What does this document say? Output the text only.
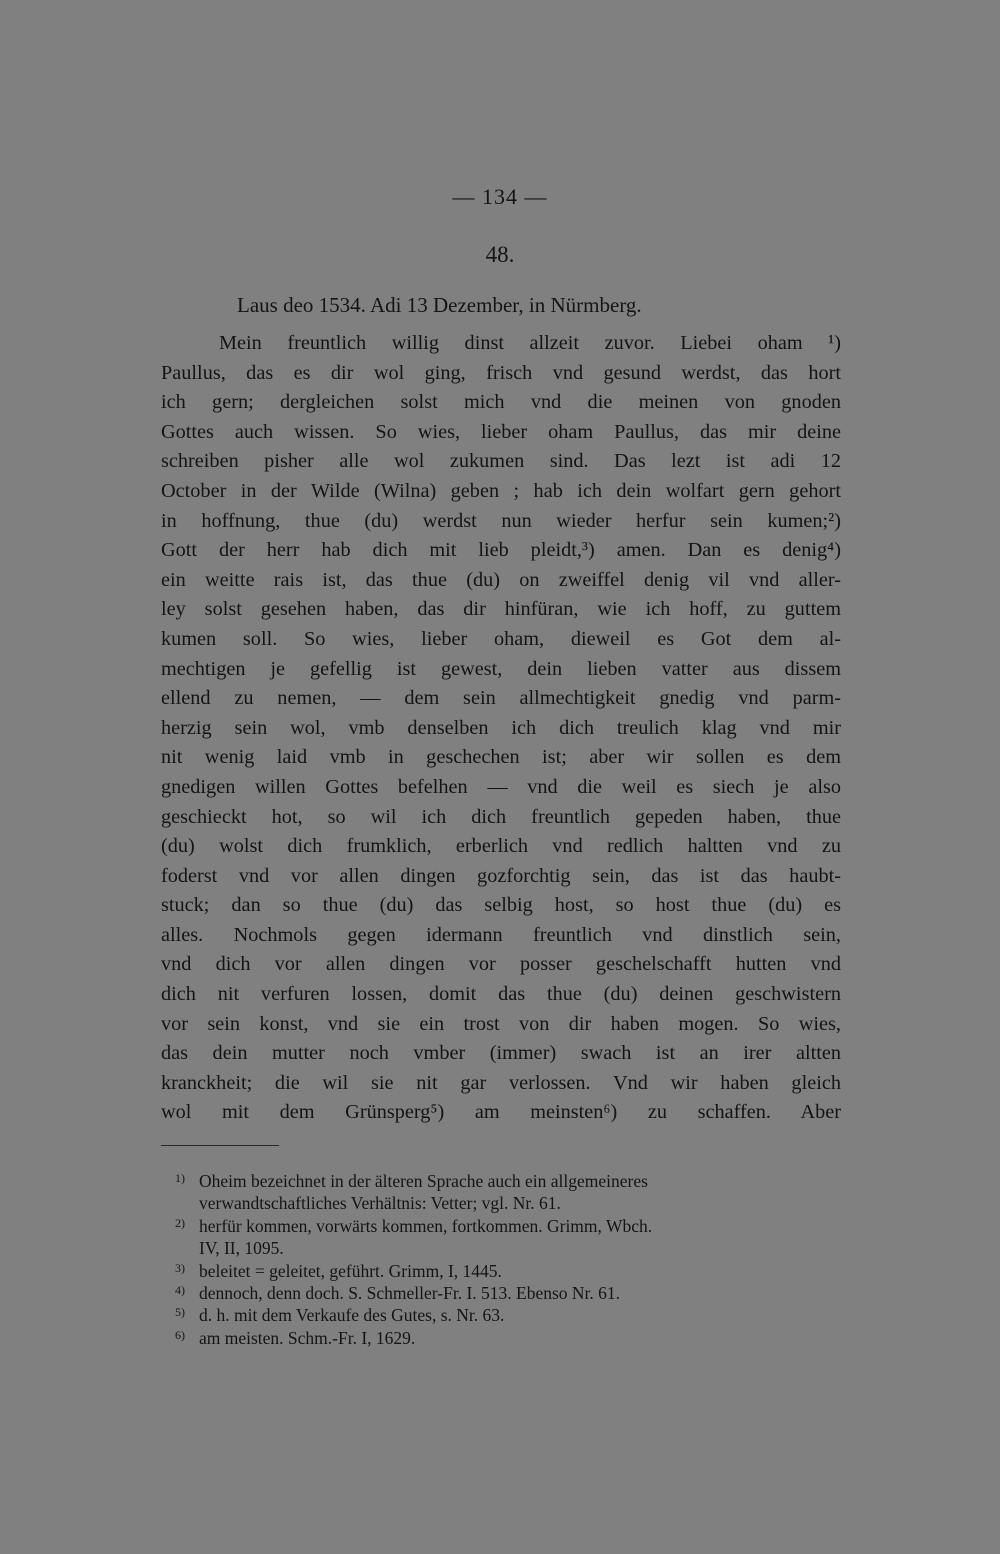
— 134 —
48.
Laus deo 1534. Adi 13 Dezember, in Nürmberg.
Mein freuntlich willig dinst allzeit zuvor. Liebei oham ¹)
Paullus, das es dir wol ging, frisch vnd gesund werdst, das hort
ich gern; dergleichen solst mich vnd die meinen von gnoden
Gottes auch wissen. So wies, lieber oham Paullus, das mir deine
schreiben pisher alle wol zukumen sind. Das lezt ist adi 12
October in der Wilde (Wilna) geben ; hab ich dein wolfart gern gehort
in hoffnung, thue (du) werdst nun wieder herfur sein kumen;²)
Gott der herr hab dich mit lieb pleidt,³) amen. Dan es denig⁴)
ein weitte rais ist, das thue (du) on zweiffel denig vil vnd aller-
ley solst gesehen haben, das dir hinfüran, wie ich hoff, zu guttem
kumen soll. So wies, lieber oham, dieweil es Got dem al-
mechtigen je gefellig ist gewest, dein lieben vatter aus dissem
ellend zu nemen, — dem sein allmechtigkeit gnedig vnd parm-
herzig sein wol, vmb denselben ich dich treulich klag vnd mir
nit wenig laid vmb in geschechen ist; aber wir sollen es dem
gnedigen willen Gottes befelhen — vnd die weil es siech je also
geschieckt hot, so wil ich dich freuntlich gepeden haben, thue
(du) wolst dich frumklich, erberlich vnd redlich haltten vnd zu
foderst vnd vor allen dingen gozforchtig sein, das ist das haubt-
stuck; dan so thue (du) das selbig host, so host thue (du) es
alles. Nochmols gegen idermann freuntlich vnd dinstlich sein,
vnd dich vor allen dingen vor posser geschelschafft hutten vnd
dich nit verfuren lossen, domit das thue (du) deinen geschwistern
vor sein konst, vnd sie ein trost von dir haben mogen. So wies,
das dein mutter noch vmber (immer) swach ist an irer altten
kranckheit; die wil sie nit gar verlossen. Vnd wir haben gleich
wol mit dem Grünsperg⁵) am meinsten⁶) zu schaffen. Aber
1) Oheim bezeichnet in der älteren Sprache auch ein allgemeineres
verwandtschaftliches Verhältnis: Vetter; vgl. Nr. 61.
2) herfür kommen, vorwärts kommen, fortkommen. Grimm, Wbch.
IV, II, 1095.
3) beleitet = geleitet, geführt. Grimm, I, 1445.
4) dennoch, denn doch. S. Schmeller-Fr. I. 513. Ebenso Nr. 61.
5) d. h. mit dem Verkaufe des Gutes, s. Nr. 63.
6) am meisten. Schm.-Fr. I, 1629.
